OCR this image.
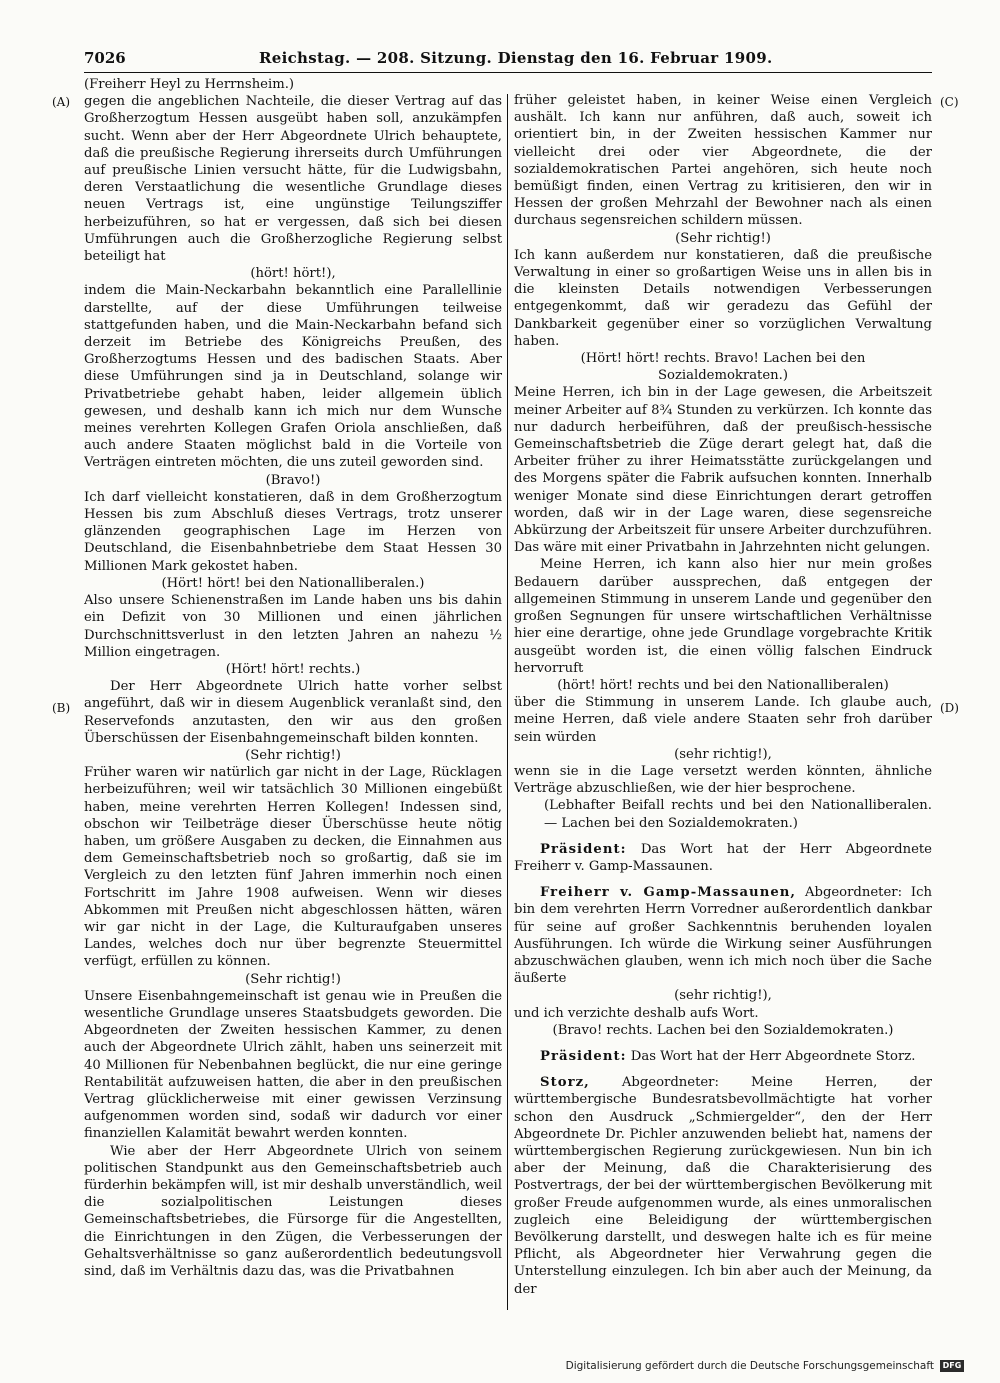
7026	Reichstag. — 208. Sitzung. Dienstag den 16. Februar 1909.
(A)
(B)
(C)
(D)

(Freiherr Heyl zu Herrnsheim.)

gegen die angeblichen Nachteile, die dieser Vertrag auf das Großherzogtum Hessen ausgeübt haben soll, anzukämpfen sucht. Wenn aber der Herr Abgeordnete Ulrich behauptete, daß die preußische Regierung ihrerseits durch Umführungen auf preußische Linien versucht hätte, für die Ludwigsbahn, deren Verstaatlichung die wesentliche Grundlage dieses neuen Vertrags ist, eine ungünstige Teilungsziffer herbeizuführen, so hat er vergessen, daß sich bei diesen Umführungen auch die Großherzogliche Regierung selbst beteiligt hat

(hört! hört!),

indem die Main-Neckarbahn bekanntlich eine Parallellinie darstellte, auf der diese Umführungen teilweise stattgefunden haben, und die Main-Neckarbahn befand sich derzeit im Betriebe des Königreichs Preußen, des Großherzogtums Hessen und des badischen Staats. Aber diese Umführungen sind ja in Deutschland, solange wir Privatbetriebe gehabt haben, leider allgemein üblich gewesen, und deshalb kann ich mich nur dem Wunsche meines verehrten Kollegen Grafen Oriola anschließen, daß auch andere Staaten möglichst bald in die Vorteile von Verträgen eintreten möchten, die uns zuteil geworden sind.

(Bravo!)

Ich darf vielleicht konstatieren, daß in dem Großherzogtum Hessen bis zum Abschluß dieses Vertrags, trotz unserer glänzenden geographischen Lage im Herzen von Deutschland, die Eisenbahnbetriebe dem Staat Hessen 30 Millionen Mark gekostet haben.

(Hört! hört! bei den Nationalliberalen.)

Also unsere Schienenstraßen im Lande haben uns bis dahin ein Defizit von 30 Millionen und einen jährlichen Durchschnittsverlust in den letzten Jahren an nahezu ½ Million eingetragen.

(Hört! hört! rechts.)

Der Herr Abgeordnete Ulrich hatte vorher selbst angeführt, daß wir in diesem Augenblick veranlaßt sind, den Reservefonds anzutasten, den wir aus den großen Überschüssen der Eisenbahngemeinschaft bilden konnten.

(Sehr richtig!)

Früher waren wir natürlich gar nicht in der Lage, Rücklagen herbeizuführen; weil wir tatsächlich 30 Millionen eingebüßt haben, meine verehrten Herren Kollegen! Indessen sind, obschon wir Teilbeträge dieser Überschüsse heute nötig haben, um größere Ausgaben zu decken, die Einnahmen aus dem Gemeinschaftsbetrieb noch so großartig, daß sie im Vergleich zu den letzten fünf Jahren immerhin noch einen Fortschritt im Jahre 1908 aufweisen. Wenn wir dieses Abkommen mit Preußen nicht abgeschlossen hätten, wären wir gar nicht in der Lage, die Kulturaufgaben unseres Landes, welches doch nur über begrenzte Steuermittel verfügt, erfüllen zu können.

(Sehr richtig!)

Unsere Eisenbahngemeinschaft ist genau wie in Preußen die wesentliche Grundlage unseres Staatsbudgets geworden. Die Abgeordneten der Zweiten hessischen Kammer, zu denen auch der Abgeordnete Ulrich zählt, haben uns seinerzeit mit 40 Millionen für Nebenbahnen beglückt, die nur eine geringe Rentabilität aufzuweisen hatten, die aber in den preußischen Vertrag glücklicherweise mit einer gewissen Verzinsung aufgenommen worden sind, sodaß wir dadurch vor einer finanziellen Kalamität bewahrt werden konnten.

Wie aber der Herr Abgeordnete Ulrich von seinem politischen Standpunkt aus den Gemeinschaftsbetrieb auch fürderhin bekämpfen will, ist mir deshalb unverständlich, weil die sozialpolitischen Leistungen dieses Gemeinschaftsbetriebes, die Fürsorge für die Angestellten, die Einrichtungen in den Zügen, die Verbesserungen der Gehaltsverhältnisse so ganz außerordentlich bedeutungsvoll sind, daß im Verhältnis dazu das, was die Privatbahnen

früher geleistet haben, in keiner Weise einen Vergleich aushält. Ich kann nur anführen, daß auch, soweit ich orientiert bin, in der Zweiten hessischen Kammer nur vielleicht drei oder vier Abgeordnete, die der sozialdemokratischen Partei angehören, sich heute noch bemüßigt finden, einen Vertrag zu kritisieren, den wir in Hessen der großen Mehrzahl der Bewohner nach als einen durchaus segensreichen schildern müssen.

(Sehr richtig!)

Ich kann außerdem nur konstatieren, daß die preußische Verwaltung in einer so großartigen Weise uns in allen bis in die kleinsten Details notwendigen Verbesserungen entgegenkommt, daß wir geradezu das Gefühl der Dankbarkeit gegenüber einer so vorzüglichen Verwaltung haben.

(Hört! hört! rechts. Bravo! Lachen bei den Sozialdemokraten.)

Meine Herren, ich bin in der Lage gewesen, die Arbeitszeit meiner Arbeiter auf 8¾ Stunden zu verkürzen. Ich konnte das nur dadurch herbeiführen, daß der preußisch-hessische Gemeinschaftsbetrieb die Züge derart gelegt hat, daß die Arbeiter früher zu ihrer Heimatsstätte zurückgelangen und des Morgens später die Fabrik aufsuchen konnten. Innerhalb weniger Monate sind diese Einrichtungen derart getroffen worden, daß wir in der Lage waren, diese segensreiche Abkürzung der Arbeitszeit für unsere Arbeiter durchzuführen. Das wäre mit einer Privatbahn in Jahrzehnten nicht gelungen.

Meine Herren, ich kann also hier nur mein großes Bedauern darüber aussprechen, daß entgegen der allgemeinen Stimmung in unserem Lande und gegenüber den großen Segnungen für unsere wirtschaftlichen Verhältnisse hier eine derartige, ohne jede Grundlage vorgebrachte Kritik ausgeübt worden ist, die einen völlig falschen Eindruck hervorruft

(hört! hört! rechts und bei den Nationalliberalen)

über die Stimmung in unserem Lande. Ich glaube auch, meine Herren, daß viele andere Staaten sehr froh darüber sein würden

(sehr richtig!),

wenn sie in die Lage versetzt werden könnten, ähnliche Verträge abzuschließen, wie der hier besprochene.

(Lebhafter Beifall rechts und bei den Nationalliberalen. — Lachen bei den Sozialdemokraten.)

Präsident: Das Wort hat der Herr Abgeordnete Freiherr v. Gamp-Massaunen.

Freiherr v. Gamp-Massaunen, Abgeordneter: Ich bin dem verehrten Herrn Vorredner außerordentlich dankbar für seine auf großer Sachkenntnis beruhenden loyalen Ausführungen. Ich würde die Wirkung seiner Ausführungen abzuschwächen glauben, wenn ich mich noch über die Sache äußerte

(sehr richtig!),

und ich verzichte deshalb aufs Wort.

(Bravo! rechts. Lachen bei den Sozialdemokraten.)

Präsident: Das Wort hat der Herr Abgeordnete Storz.

Storz, Abgeordneter: Meine Herren, der württembergische Bundesratsbevollmächtigte hat vorher schon den Ausdruck „Schmiergelder“, den der Herr Abgeordnete Dr. Pichler anzuwenden beliebt hat, namens der württembergischen Regierung zurückgewiesen. Nun bin ich aber der Meinung, daß die Charakterisierung des Postvertrags, der bei der württembergischen Bevölkerung mit großer Freude aufgenommen wurde, als eines unmoralischen zugleich eine Beleidigung der württembergischen Bevölkerung darstellt, und deswegen halte ich es für meine Pflicht, als Abgeordneter hier Verwahrung gegen die Unterstellung einzulegen. Ich bin aber auch der Meinung, da der

Digitalisierung gefördert durch die Deutsche Forschungsgemeinschaft	DFG
